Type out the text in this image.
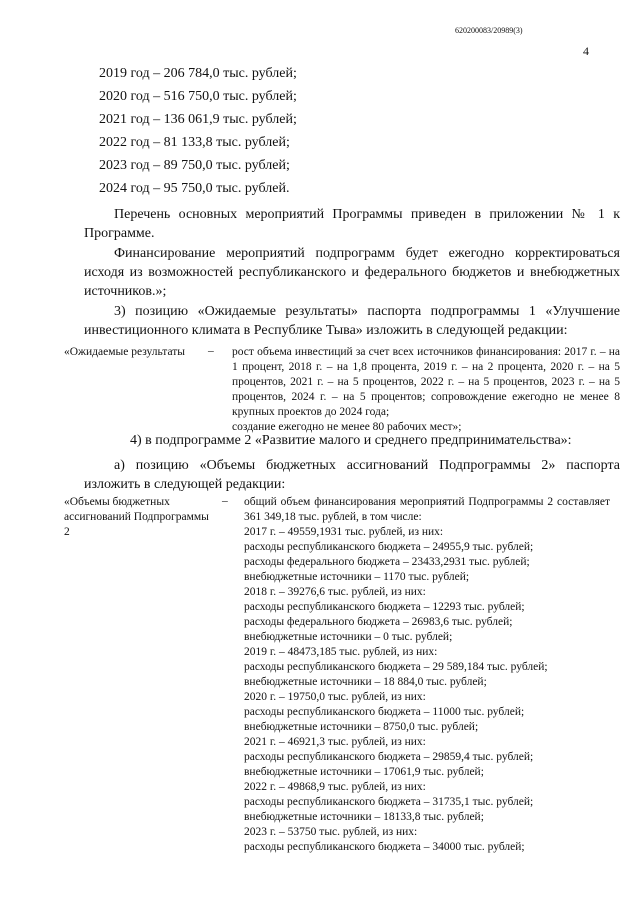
620200083/20989(3)
4
2019 год – 206 784,0 тыс. рублей;
2020 год – 516 750,0 тыс. рублей;
2021 год – 136 061,9 тыс. рублей;
2022 год – 81 133,8 тыс. рублей;
2023 год – 89 750,0 тыс. рублей;
2024 год – 95 750,0 тыс. рублей.
Перечень основных мероприятий Программы приведен в приложении № 1 к Программе.
Финансирование мероприятий подпрограмм будет ежегодно корректироваться исходя из возможностей республиканского и федерального бюджетов и внебюджетных источников.»;
3) позицию «Ожидаемые результаты» паспорта подпрограммы 1 «Улучшение инвестиционного климата в Республике Тыва» изложить в следующей редакции:
«Ожидаемые результаты	– рост объема инвестиций за счет всех источников финансирования: 2017 г. – на 1 процент, 2018 г. – на 1,8 процента, 2019 г. – на 2 процента, 2020 г. – на 5 процентов, 2021 г. – на 5 процентов, 2022 г. – на 5 процентов, 2023 г. – на 5 процентов, 2024 г. – на 5 процентов; сопровождение ежегодно не менее 8 крупных проектов до 2024 года;
создание ежегодно не менее 80 рабочих мест»;
4) в подпрограмме 2 «Развитие малого и среднего предпринимательства»:
а) позицию «Объемы бюджетных ассигнований Подпрограммы 2» паспорта изложить в следующей редакции:
«Объемы бюджетных ассигнований Подпрограммы 2
– общий объем финансирования мероприятий Подпрограммы 2 составляет 361 349,18 тыс. рублей, в том числе:
2017 г. – 49559,1931 тыс. рублей, из них:
расходы республиканского бюджета – 24955,9 тыс. рублей;
расходы федерального бюджета – 23433,2931 тыс. рублей;
внебюджетные источники – 1170 тыс. рублей;
2018 г. – 39276,6 тыс. рублей, из них:
расходы республиканского бюджета – 12293 тыс. рублей;
расходы федерального бюджета – 26983,6 тыс. рублей;
внебюджетные источники – 0 тыс. рублей;
2019 г. – 48473,185 тыс. рублей, из них:
расходы республиканского бюджета – 29 589,184 тыс. рублей;
внебюджетные источники – 18 884,0 тыс. рублей;
2020 г. – 19750,0 тыс. рублей, из них:
расходы республиканского бюджета – 11000 тыс. рублей;
внебюджетные источники – 8750,0 тыс. рублей;
2021 г. – 46921,3 тыс. рублей, из них:
расходы республиканского бюджета – 29859,4 тыс. рублей;
внебюджетные источники – 17061,9 тыс. рублей;
2022 г. – 49868,9 тыс. рублей, из них:
расходы республиканского бюджета – 31735,1 тыс. рублей;
внебюджетные источники – 18133,8 тыс. рублей;
2023 г. – 53750 тыс. рублей, из них:
расходы республиканского бюджета – 34000 тыс. рублей;
